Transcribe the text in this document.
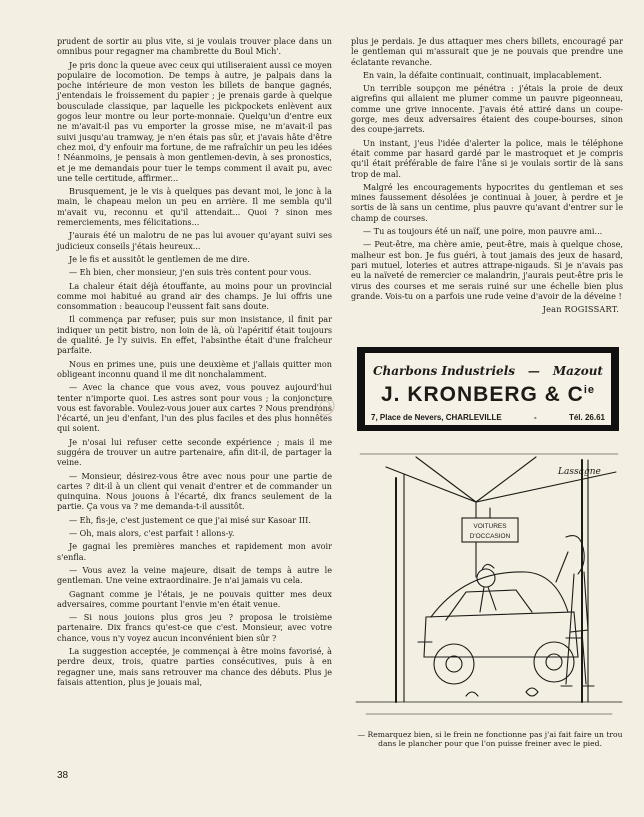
prudent de sortir au plus vite, si je voulais trouver place dans un omnibus pour regagner ma chambrette du Boul Mich'.

Je pris donc la queue avec ceux qui utiliseraient aussi ce moyen populaire de locomotion. De temps à autre, je palpais dans la poche intérieure de mon veston les billets de banque gagnés, j'entendais le froissement du papier ; je prenais garde à quelque bousculade classique, par laquelle les pickpockets enlèvent aux gogos leur montre ou leur porte-monnaie. Quelqu'un d'entre eux ne m'avait-il pas vu emporter la grosse mise, ne m'avait-il pas suivi jusqu'au tramway, je n'en étais pas sûr, et j'avais hâte d'être chez moi, d'y enfouir ma fortune, de me rafraîchir un peu les idées ! Néanmoins, je pensais à mon gentlemen-devin, à ses pronostics, et je me demandais pour tuer le temps comment il avait pu, avec une telle certitude, affirmer...

Brusquement, je le vis à quelques pas devant moi, le jonc à la main, le chapeau melon un peu en arrière. Il me sembla qu'il m'avait vu, reconnu et qu'il attendait... Quoi ? sinon mes remerciements, mes félicitations...

J'aurais été un malotru de ne pas lui avouer qu'ayant suivi ses judicieux conseils j'étais heureux...

Je le fis et aussitôt le gentlemen de me dire.

— Eh bien, cher monsieur, j'en suis très content pour vous.

La chaleur était déjà étouffante, au moins pour un provincial comme moi habitué au grand air des champs. Je lui offris une consommation : beaucoup l'eussent fait sans doute.

Il commença par refuser, puis sur mon insistance, il finit par indiquer un petit bistro, non loin de là, où l'apéritif était toujours de qualité. Je l'y suivis. En effet, l'absinthe était d'une fraîcheur parfaite.

Nous en primes une, puis une deuxième et j'allais quitter mon obligeant inconnu quand il me dit nonchalamment.

— Avec la chance que vous avez, vous pouvez aujourd'hui tenter n'importe quoi. Les astres sont pour vous ; la conjoncture vous est favorable. Voulez-vous jouer aux cartes ? Nous prendrons l'écarté, un jeu d'enfant, l'un des plus faciles et des plus honnêtes qui soient.

Je n'osai lui refuser cette seconde expérience ; mais il me suggéra de trouver un autre partenaire, afin dit-il, de partager la veine.

— Monsieur, désirez-vous être avec nous pour une partie de cartes ? dit-il à un client qui venait d'entrer et de commander un quinquina. Nous jouons à l'écarté, dix francs seulement de la partie. Ça vous va ? me demanda-t-il aussitôt.

— Eh, fis-je, c'est justement ce que j'ai misé sur Kasoar III.

— Oh, mais alors, c'est parfait ! allons-y.

Je gagnai les premières manches et rapidement mon avoir s'enfla.

— Vous avez la veine majeure, disait de temps à autre le gentleman. Une veine extraordinaire. Je n'ai jamais vu cela.

Gagnant comme je l'étais, je ne pouvais quitter mes deux adversaires, comme pourtant l'envie m'en était venue.

— Si nous jouions plus gros jeu ? proposa le troisième partenaire. Dix francs qu'est-ce que c'est. Monsieur, avec votre chance, vous n'y voyez aucun inconvénient bien sûr ?

La suggestion acceptée, je commençai à être moins favorisé, à perdre deux, trois, quatre parties consécutives, puis à en regagner une, mais sans retrouver ma chance des débuts. Plus je faisais attention, plus je jouais mal,

plus je perdais. Je dus attaquer mes chers billets, encouragé par le gentleman qui m'assurait que je ne pouvais que prendre une éclatante revanche.

En vain, la défaite continuait, continuait, implacablement.

Un terrible soupçon me pénétra : j'étais la proie de deux aigrefins qui allaient me plumer comme un pauvre pigeonneau, comme une grive innocente. J'avais été attiré dans un coupe-gorge, mes deux adversaires étaient des coupe-bourses, sinon des coupe-jarrets.

Un instant, j'eus l'idée d'alerter la police, mais le téléphone était comme par hasard gardé par le mastroquet et je compris qu'il était préférable de faire l'âne si je voulais sortir de là sans trop de mal.

Malgré les encouragements hypocrites du gentleman et ses mines faussement désolées je continuai à jouer, à perdre et je sortis de là sans un centime, plus pauvre qu'avant d'entrer sur le champ de courses.

— Tu as toujours été un naïf, une poire, mon pauvre ami...

— Peut-être, ma chère amie, peut-être, mais à quelque chose, malheur est bon. Je fus guéri, à tout jamais des jeux de hasard, pari mutuel, loteries et autres attrape-nigauds. Si je n'avais pas eu la naïveté de remercier ce malandrin, j'aurais peut-être pris le virus des courses et me serais ruiné sur une échelle bien plus grande. Vois-tu on a parfois une rude veine d'avoir de la déveine !

Jean ROGISSART.
Charbons Industriels — Mazout
J. KRONBERG & $C^{ie}$
7, Place de Nevers, CHARLEVILLE	-	Tél. 26.61
VOITURES
D'OCCASION
Lassagne
— Remarquez bien, si le frein ne fonctionne pas j'ai fait faire un trou dans le plancher pour que l'on puisse freiner avec le pied.
38
